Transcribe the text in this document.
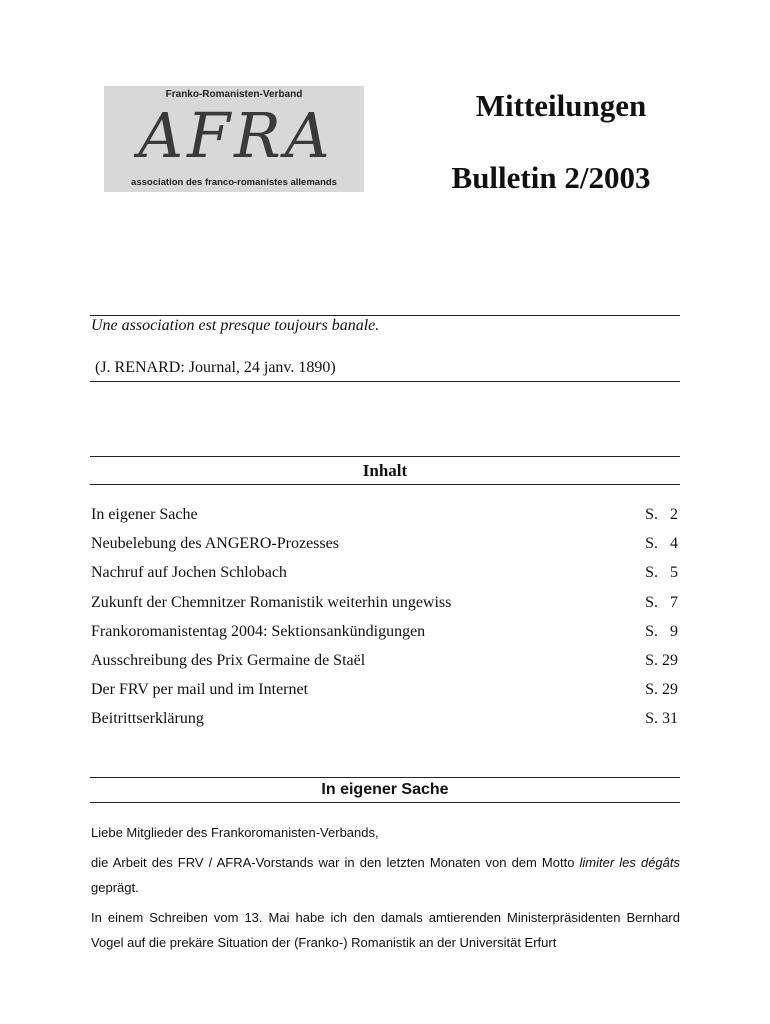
Franko-Romanisten-Verband
AFRA
association des franco-romanistes allemands
Mitteilungen
Bulletin 2/2003
Une association est presque toujours banale.
(J. RENARD: Journal, 24 janv. 1890)
Inhalt
In eigener Sache	S.   2
Neubelebung des ANGERO-Prozesses	S.   4
Nachruf auf Jochen Schlobach	S.   5
Zukunft der Chemnitzer Romanistik weiterhin ungewiss	S.   7
Frankoromanistentag 2004: Sektionsankündigungen	S.   9
Ausschreibung des Prix Germaine de Staël	S. 29
Der FRV per mail und im Internet	S. 29
Beitrittserklärung	S. 31
In eigener Sache
Liebe Mitglieder des Frankoromanisten-Verbands,
die Arbeit des FRV / AFRA-Vorstands war in den letzten Monaten von dem Motto limiter les dégâts geprägt.
In einem Schreiben vom 13. Mai habe ich den damals amtierenden Ministerpräsidenten Bernhard Vogel auf die prekäre Situation der (Franko-) Romanistik an der Universität Erfurt
